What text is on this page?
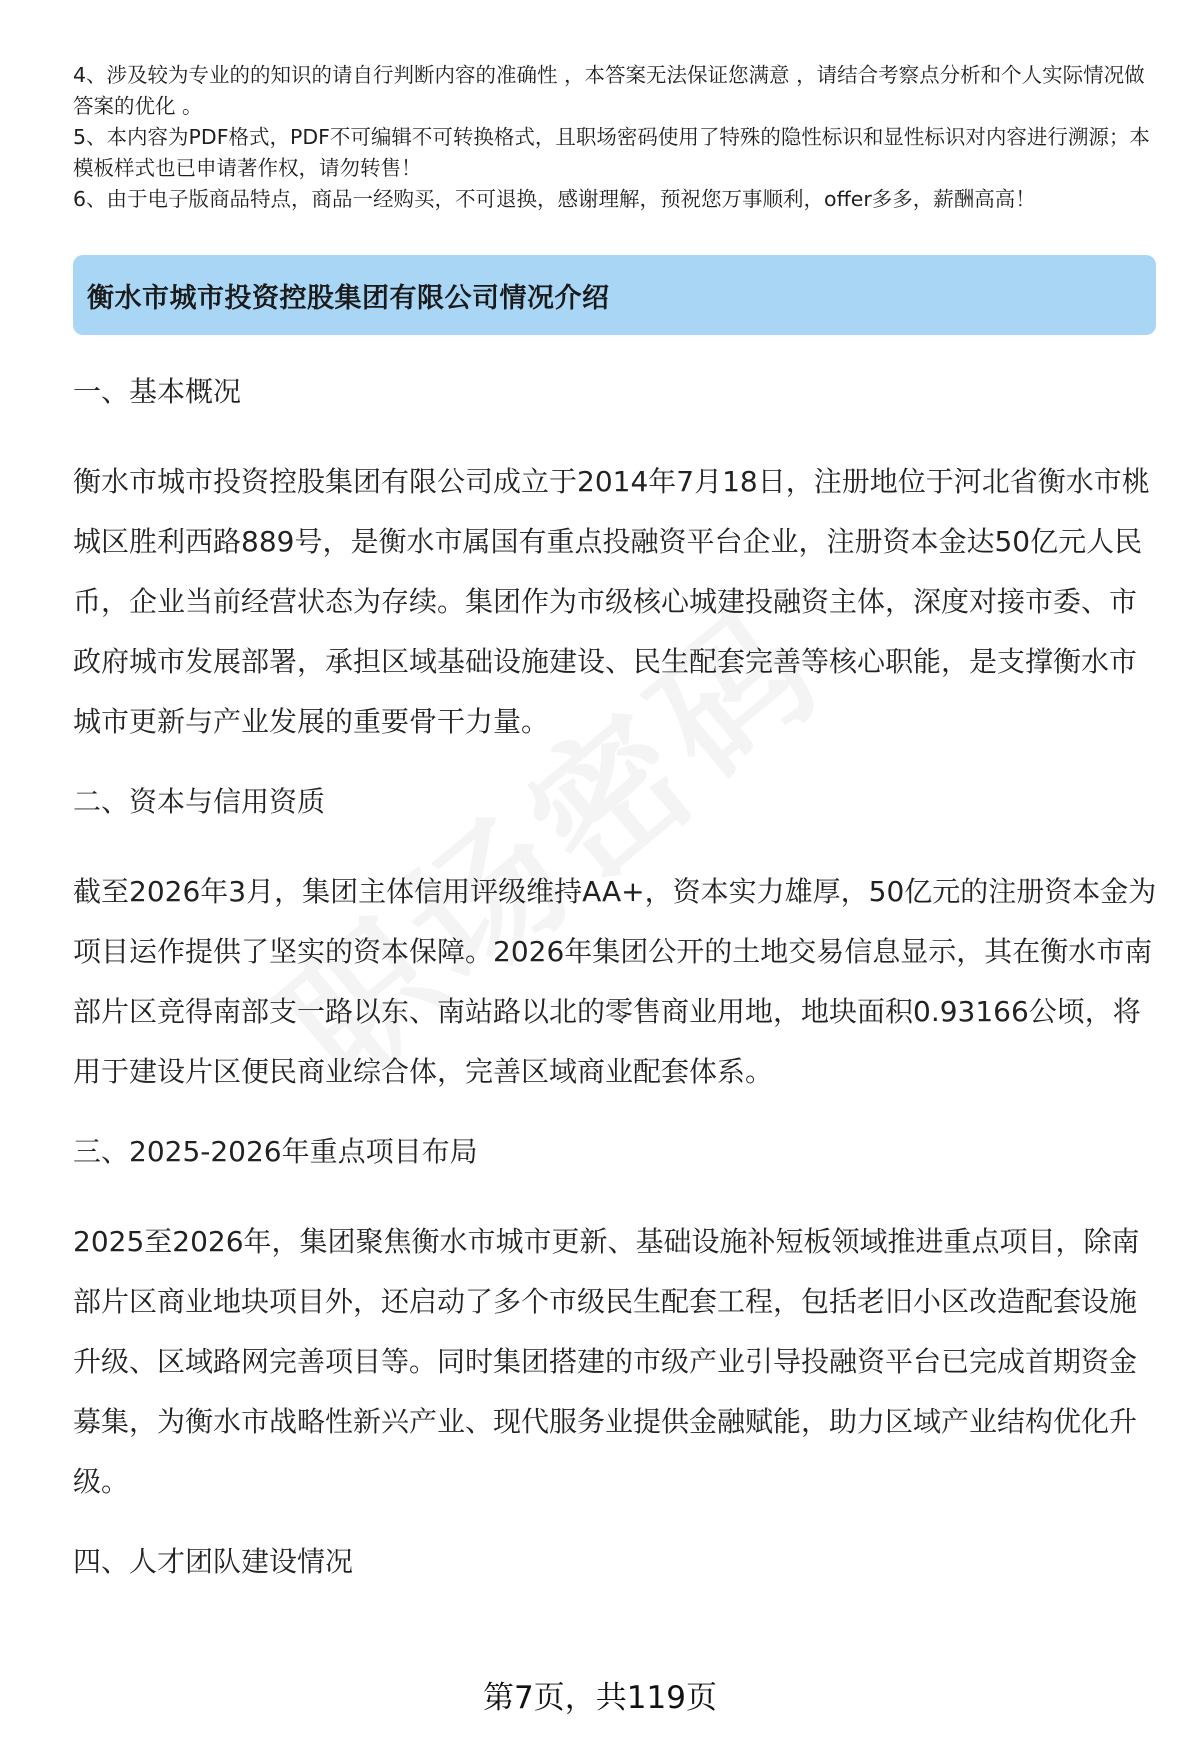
4、涉及较为专业的的知识的请自行判断内容的准确性 ，本答案无法保证您满意 ，请结合考察点分析和个人实际情况做答案的优化 。

5、本内容为PDF格式，PDF不可编辑不可转换格式，且职场密码使用了特殊的隐性标识和显性标识对内容进行溯源；本模板样式也已申请著作权，请勿转售！

6、由于电子版商品特点，商品一经购买，不可退换，感谢理解，预祝您万事顺利，offer多多，薪酬高高！

衡水市城市投资控股集团有限公司情况介绍
一、基本概况

衡水市城市投资控股集团有限公司成立于2014年7月18日，注册地位于河北省衡水市桃城区胜利西路889号，是衡水市属国有重点投融资平台企业，注册资本金达50亿元人民币，企业当前经营状态为存续。集团作为市级核心城建投融资主体，深度对接市委、市政府城市发展部署，承担区域基础设施建设、民生配套完善等核心职能，是支撑衡水市城市更新与产业发展的重要骨干力量。

二、资本与信用资质

截至2026年3月，集团主体信用评级维持AA+，资本实力雄厚，50亿元的注册资本金为项目运作提供了坚实的资本保障。2026年集团公开的土地交易信息显示，其在衡水市南部片区竞得南部支一路以东、南站路以北的零售商业用地，地块面积0.93166公顷，将用于建设片区便民商业综合体，完善区域商业配套体系。

三、2025-2026年重点项目布局

2025至2026年，集团聚焦衡水市城市更新、基础设施补短板领域推进重点项目，除南部片区商业地块项目外，还启动了多个市级民生配套工程，包括老旧小区改造配套设施升级、区域路网完善项目等。同时集团搭建的市级产业引导投融资平台已完成首期资金募集，为衡水市战略性新兴产业、现代服务业提供金融赋能，助力区域产业结构优化升级。

四、人才团队建设情况
第7页，共119页
